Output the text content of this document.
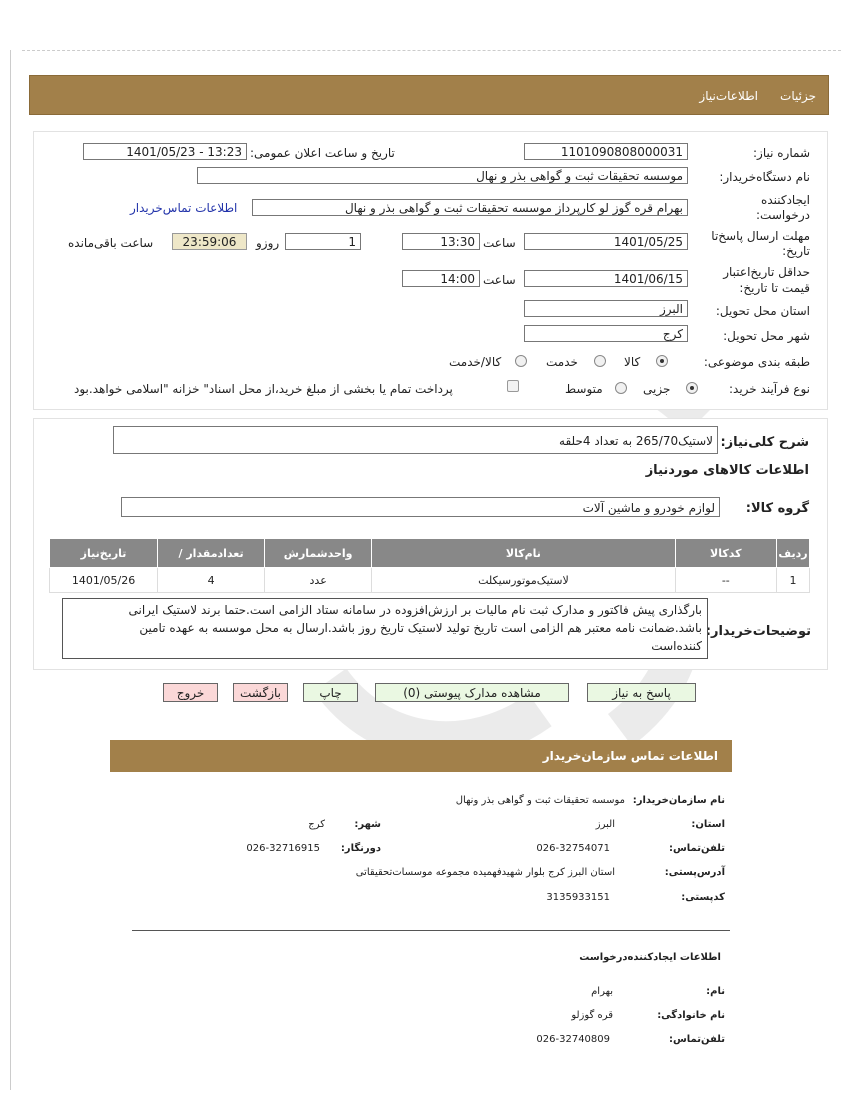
جزئیات
اطلاعات‌نیاز
شماره نیاز:
1101090808000031
تاریخ و ساعت اعلان عمومی:
1401/05/23 - 13:23
نام دستگاه‌خریدار:
موسسه تحقیقات ثبت و گواهی بذر و نهال
ایجادکننده
درخواست:
بهرام قره گوز لو کارپرداز موسسه تحقیقات ثبت و گواهی بذر و نهال
اطلاعات تماس‌خریدار
مهلت ارسال پاسخ‌تا
تاریخ:
1401/05/25
ساعت
13:30
1
روزو
23:59:06
ساعت باقی‌مانده
حداقل تاریخ‌اعتبار
قیمت تا تاریخ:
1401/06/15
ساعت
14:00
استان محل تحویل:
البرز
شهر محل تحویل:
کرج
طبقه بندی موضوعی:
کالا
خدمت
کالا/خدمت
نوع فرآیند خرید:
جزیی
متوسط
پرداخت تمام یا بخشی از مبلغ خرید،از محل اسناد" خزانه "اسلامی خواهد.بود
شرح کلی‌نیاز:
لاستیک265/70 به تعداد 4حلقه
اطلاعات کالاهای موردنیاز
گروه کالا:
لوازم خودرو و ماشین آلات
ردیف	کدکالا	نام‌کالا	واحدشمارش	تعدادمقدار /	تاریخ‌نیاز
1	--	لاستیک‌موتورسیکلت	عدد	4	1401/05/26
توضیحات‌خریدار:
بارگذاری پیش فاکتور و مدارک ثبت نام مالیات بر ارزش‌افزوده در سامانه ستاد الزامی است.حتما برند لاستیک ایرانی
باشد.ضمانت نامه معتبر هم الزامی است تاریخ تولید لاستیک تاریخ روز باشد.ارسال به محل موسسه به عهده تامین
کننده‌است
پاسخ به نیاز
مشاهده مدارک پیوستی (0)
چاپ
بازگشت
خروج
اطلاعات تماس سازمان‌خریدار
نام سازمان‌خریدار:
موسسه تحقیقات ثبت و گواهی بذر ونهال
استان:
البرز
شهر:
کرج
تلفن‌تماس:
026-32754071
دورنگار:
026-32716915
آدرس‌پستی:
استان البرز کرج بلوار شهیدفهمیده مجموعه موسسات‌تحقیقاتی
کدپستی:
3135933151
اطلاعات ایجادکننده‌درخواست
نام:
بهرام
نام خانوادگی:
قره گوزلو
تلفن‌تماس:
026-32740809
